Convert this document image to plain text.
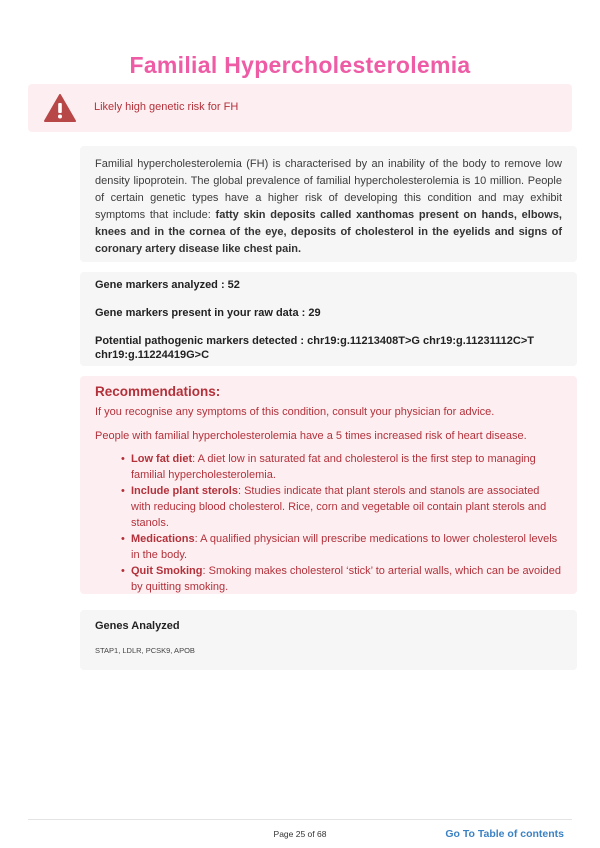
Familial Hypercholesterolemia
Likely high genetic risk for FH

Familial hypercholesterolemia (FH) is characterised by an inability of the body to remove low density lipoprotein. The global prevalence of familial hypercholesterolemia is 10 million. People of certain genetic types have a higher risk of developing this condition and may exhibit symptoms that include: fatty skin deposits called xanthomas present on hands, elbows, knees and in the cornea of the eye, deposits of cholesterol in the eyelids and signs of coronary artery disease like chest pain.

Gene markers analyzed : 52
Gene markers present in your raw data : 29
Potential pathogenic markers detected : chr19:g.11213408T>G chr19:g.11231112C>T chr19:g.11224419G>C
Recommendations:

If you recognise any symptoms of this condition, consult your physician for advice.

People with familial hypercholesterolemia have a 5 times increased risk of heart disease.

• Low fat diet: A diet low in saturated fat and cholesterol is the first step to managing familial hypercholesterolemia.
• Include plant sterols: Studies indicate that plant sterols and stanols are associated with reducing blood cholesterol. Rice, corn and vegetable oil contain plant sterols and stanols.
• Medications: A qualified physician will prescribe medications to lower cholesterol levels in the body.
• Quit Smoking: Smoking makes cholesterol ‘stick’ to arterial walls, which can be avoided by quitting smoking.
Genes Analyzed
STAP1, LDLR, PCSK9, APOB
Page 25 of 68	Go To Table of contents
